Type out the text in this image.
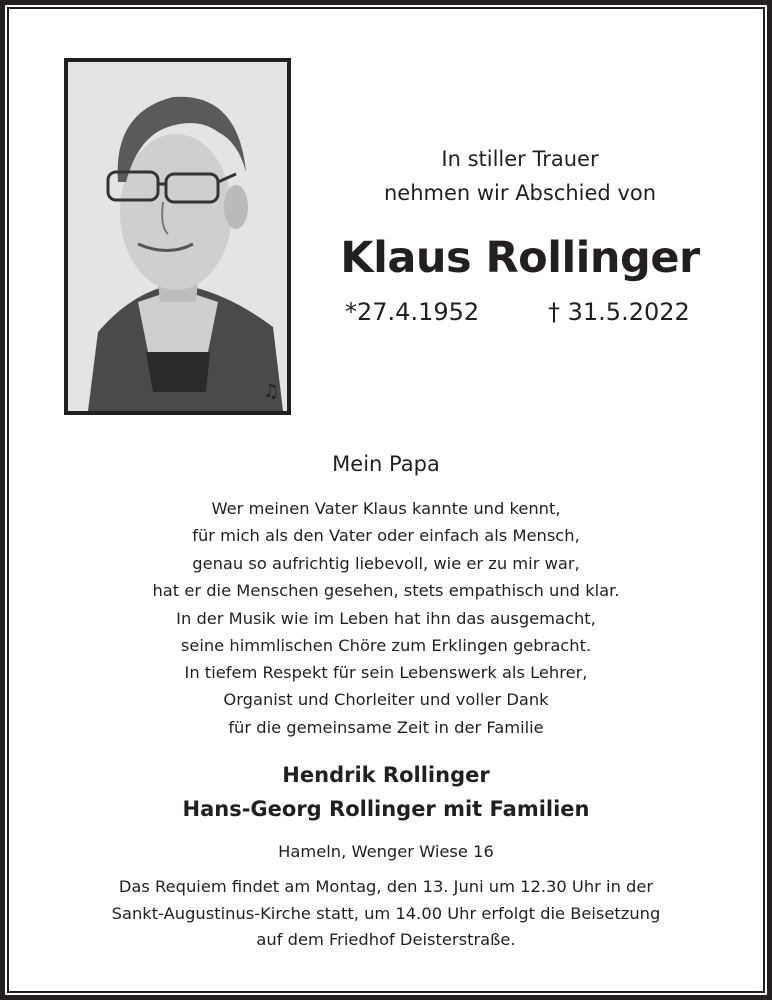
♫
In stiller Trauer
nehmen wir Abschied von
Klaus Rollinger
*27.4.1952	† 31.5.2022
Mein Papa
Wer meinen Vater Klaus kannte und kennt,
für mich als den Vater oder einfach als Mensch,
genau so aufrichtig liebevoll, wie er zu mir war,
hat er die Menschen gesehen, stets empathisch und klar.
In der Musik wie im Leben hat ihn das ausgemacht,
seine himmlischen Chöre zum Erklingen gebracht.
In tiefem Respekt für sein Lebenswerk als Lehrer,
Organist und Chorleiter und voller Dank
für die gemeinsame Zeit in der Familie
Hendrik Rollinger
Hans-Georg Rollinger mit Familien
Hameln, Wenger Wiese 16
Das Requiem findet am Montag, den 13. Juni um 12.30 Uhr in der
Sankt-Augustinus-Kirche statt, um 14.00 Uhr erfolgt die Beisetzung
auf dem Friedhof Deisterstraße.
